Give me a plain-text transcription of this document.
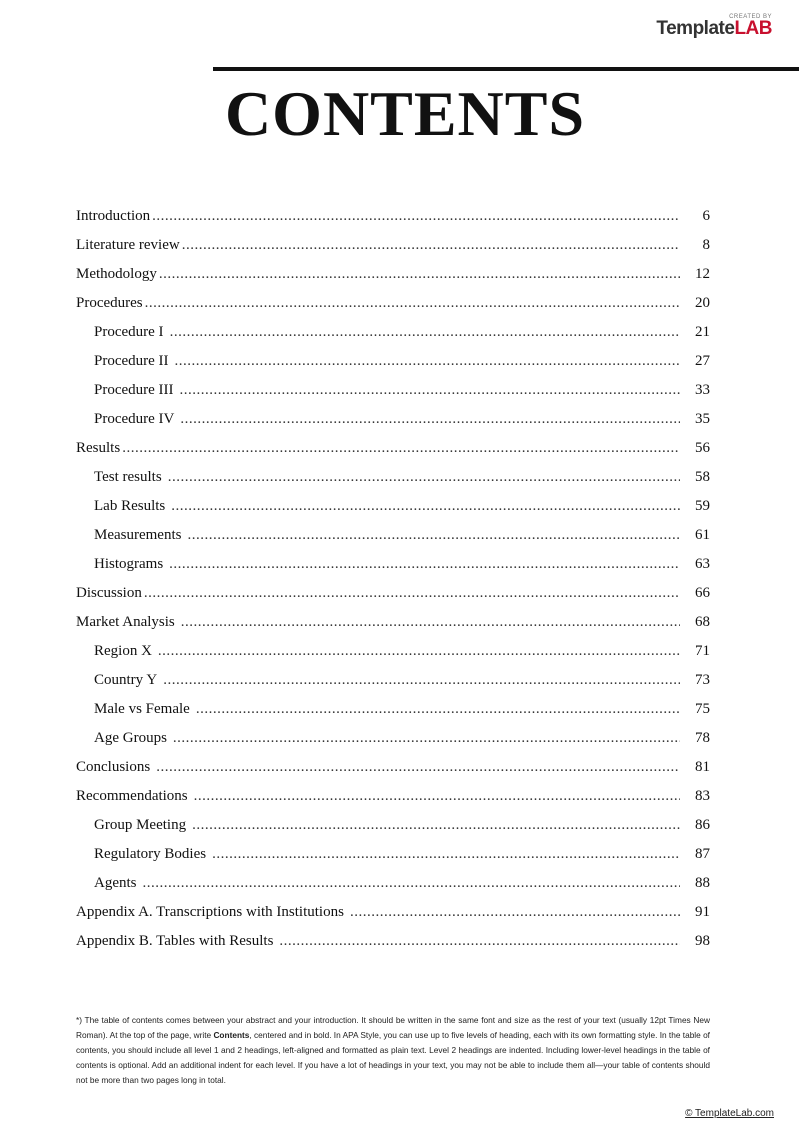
CREATED BY
TemplateLAB
CONTENTS
Introduction .....	6
Literature review .....	8
Methodology .....	12
Procedures .....	20
Procedure I .....	21
Procedure II .....	27
Procedure III .....	33
Procedure IV .....	35
Results .....	56
Test results .....	58
Lab Results .....	59
Measurements .....	61
Histograms .....	63
Discussion .....	66
Market Analysis .....	68
Region X .....	71
Country Y .....	73
Male vs Female .....	75
Age Groups .....	78
Conclusions .....	81
Recommendations .....	83
Group Meeting .....	86
Regulatory Bodies .....	87
Agents .....	88
Appendix A. Transcriptions with Institutions .....	91
Appendix B. Tables with Results .....	98
*) The table of contents comes between your abstract and your introduction. It should be written in the same font and size as the rest of your text (usually 12pt Times New Roman). At the top of the page, write Contents, centered and in bold. In APA Style, you can use up to five levels of heading, each with its own formatting style. In the table of contents, you should include all level 1 and 2 headings, left-aligned and formatted as plain text. Level 2 headings are indented. Including lower-level headings in the table of contents is optional. Add an additional indent for each level. If you have a lot of headings in your text, you may not be able to include them all—your table of contents should not be more than two pages long in total.
© TemplateLab.com
